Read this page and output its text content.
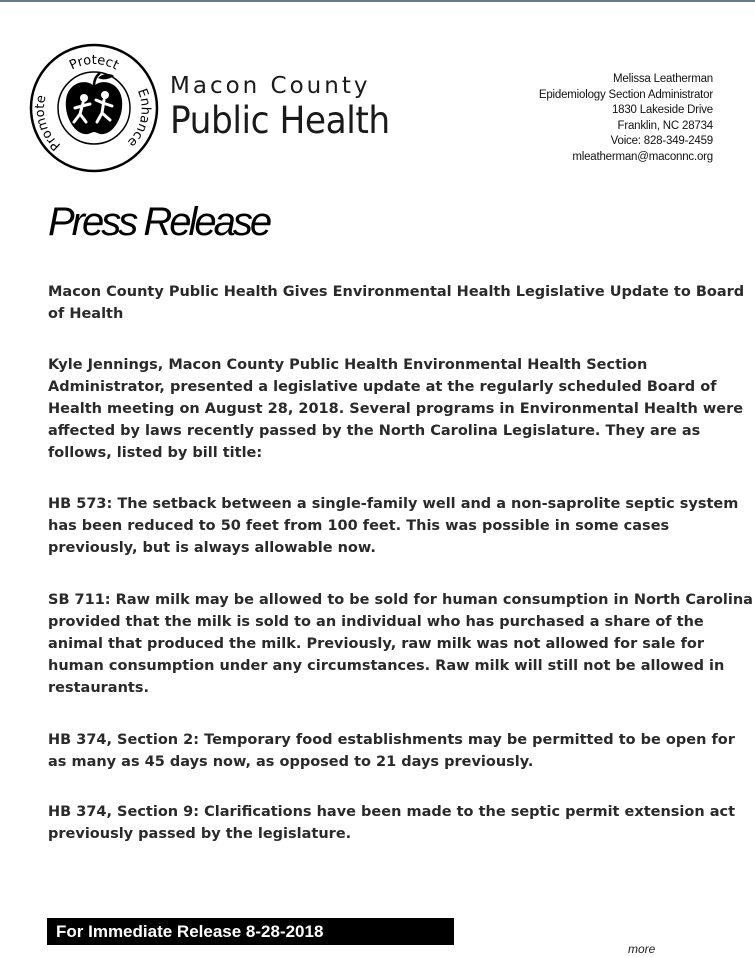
Protect
Enhance
Promote
Macon County
Public Health
Melissa Leatherman
Epidemiology Section Administrator
1830 Lakeside Drive
Franklin, NC 28734
Voice: 828-349-2459
mleatherman@maconnc.org
Press Release
Macon County Public Health Gives Environmental Health Legislative Update to Board
of Health
Kyle Jennings, Macon County Public Health Environmental Health Section
Administrator, presented a legislative update at the regularly scheduled Board of
Health meeting on August 28, 2018. Several programs in Environmental Health were
affected by laws recently passed by the North Carolina Legislature. They are as
follows, listed by bill title:
HB 573: The setback between a single-family well and a non-saprolite septic system
has been reduced to 50 feet from 100 feet. This was possible in some cases
previously, but is always allowable now.
SB 711: Raw milk may be allowed to be sold for human consumption in North Carolina
provided that the milk is sold to an individual who has purchased a share of the
animal that produced the milk. Previously, raw milk was not allowed for sale for
human consumption under any circumstances. Raw milk will still not be allowed in
restaurants.
HB 374, Section 2: Temporary food establishments may be permitted to be open for
as many as 45 days now, as opposed to 21 days previously.
HB 374, Section 9: Clarifications have been made to the septic permit extension act
previously passed by the legislature.
For Immediate Release 8-28-2018
more
